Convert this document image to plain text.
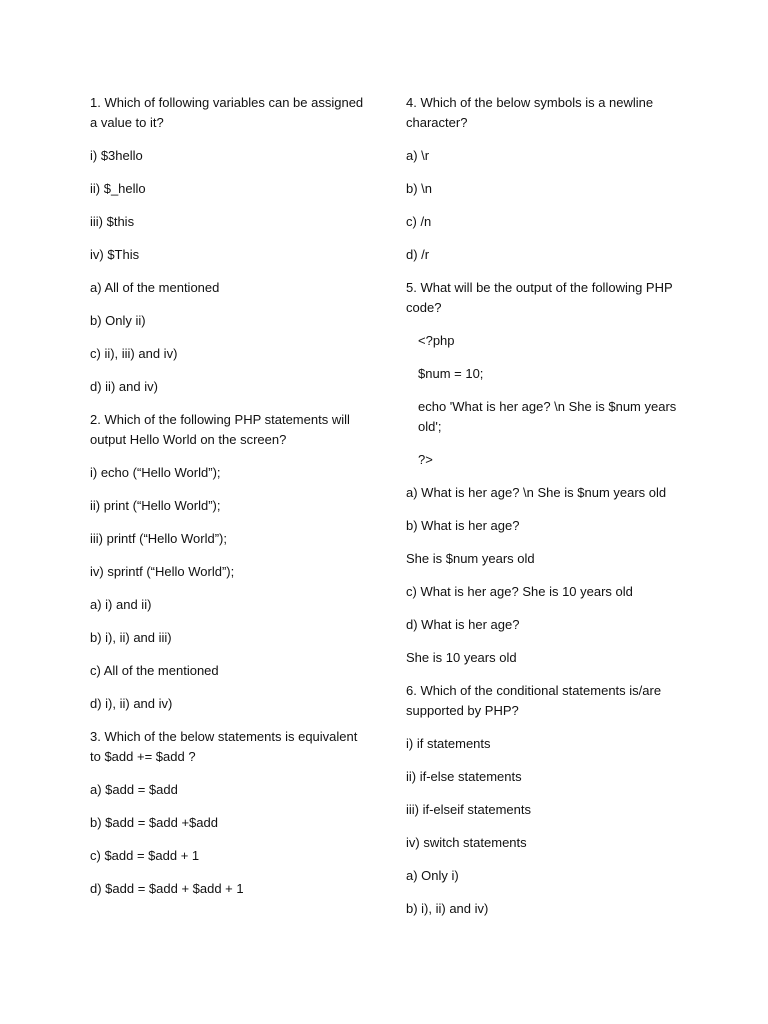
1. Which of following variables can be assigned a value to it?
i) $3hello
ii) $_hello
iii) $this
iv) $This
a) All of the mentioned
b) Only ii)
c) ii), iii) and iv)
d) ii) and iv)
2. Which of the following PHP statements will output Hello World on the screen?
i) echo (“Hello World”);
ii) print (“Hello World”);
iii) printf (“Hello World”);
iv) sprintf (“Hello World”);
a) i) and ii)
b) i), ii) and iii)
c) All of the mentioned
d) i), ii) and iv)
3. Which of the below statements is equivalent to $add += $add ?
a) $add = $add
b) $add = $add +$add
c) $add = $add + 1
d) $add = $add + $add + 1
4. Which of the below symbols is a newline character?
a) \r
b) \n
c) /n
d) /r
5. What will be the output of the following PHP code?
<?php
$num = 10;
echo 'What is her age? \n She is $num years old';
?>
a) What is her age? \n She is $num years old
b) What is her age?
She is $num years old
c) What is her age? She is 10 years old
d) What is her age?
She is 10 years old
6. Which of the conditional statements is/are supported by PHP?
i) if statements
ii) if-else statements
iii) if-elseif statements
iv) switch statements
a) Only i)
b) i), ii) and iv)
